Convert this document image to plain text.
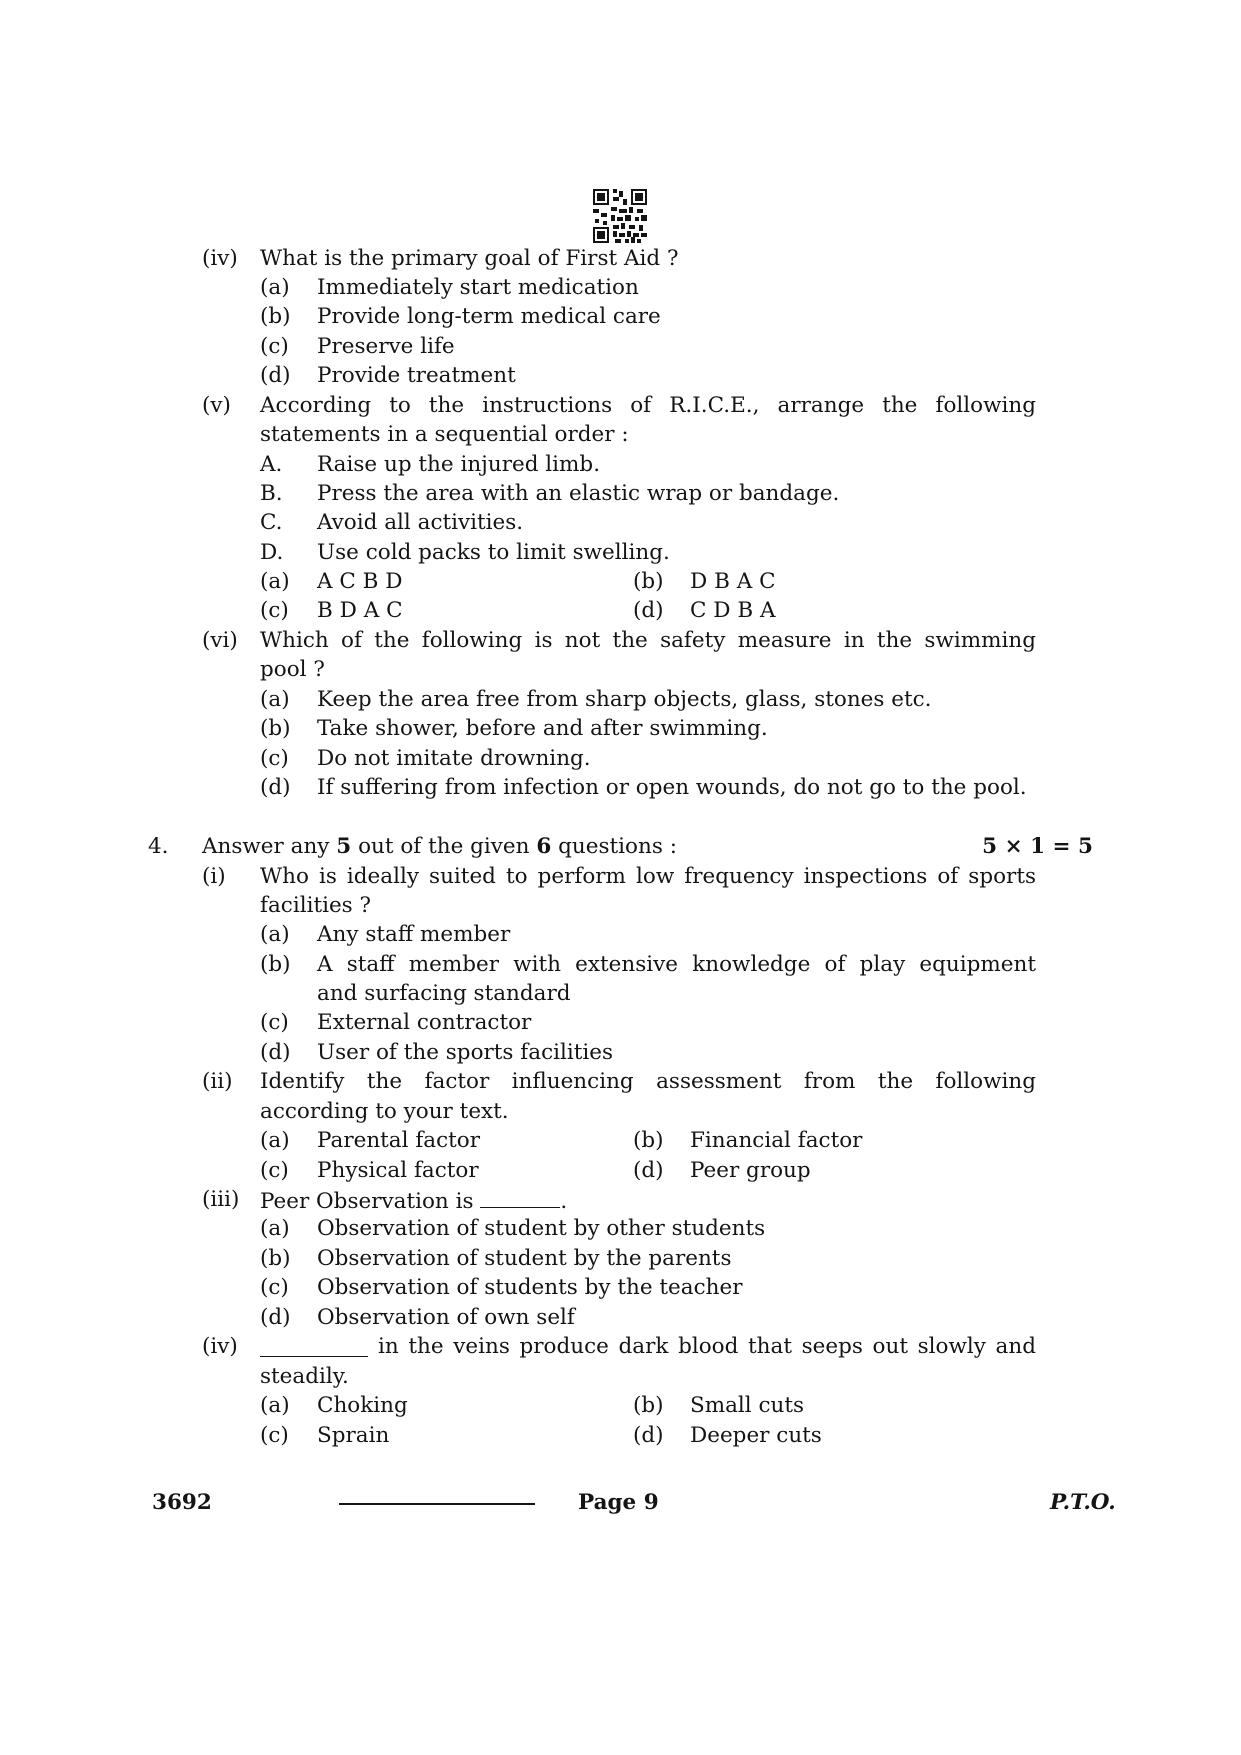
(iv) What is the primary goal of First Aid ?
(a) Immediately start medication
(b) Provide long-term medical care
(c) Preserve life
(d) Provide treatment
(v) According to the instructions of R.I.C.E., arrange the following
statements in a sequential order :
A. Raise up the injured limb.
B. Press the area with an elastic wrap or bandage.
C. Avoid all activities.
D. Use cold packs to limit swelling.
(a) A C B D	(b) D B A C
(c) B D A C	(d) C D B A
(vi) Which of the following is not the safety measure in the swimming
pool ?
(a) Keep the area free from sharp objects, glass, stones etc.
(b) Take shower, before and after swimming.
(c) Do not imitate drowning.
(d) If suffering from infection or open wounds, do not go to the pool.
4. Answer any 5 out of the given 6 questions :	5 × 1 = 5
(i) Who is ideally suited to perform low frequency inspections of sports
facilities ?
(a) Any staff member
(b) A staff member with extensive knowledge of play equipment
and surfacing standard
(c) External contractor
(d) User of the sports facilities
(ii) Identify the factor influencing assessment from the following
according to your text.
(a) Parental factor	(b) Financial factor
(c) Physical factor	(d) Peer group
(iii) Peer Observation is	.
(a) Observation of student by other students
(b) Observation of student by the parents
(c) Observation of students by the teacher
(d) Observation of own self
(iv)	in the veins produce dark blood that seeps out slowly and
steadily.
(a) Choking	(b) Small cuts
(c) Sprain	(d) Deeper cuts
3692	Page 9	P.T.O.
